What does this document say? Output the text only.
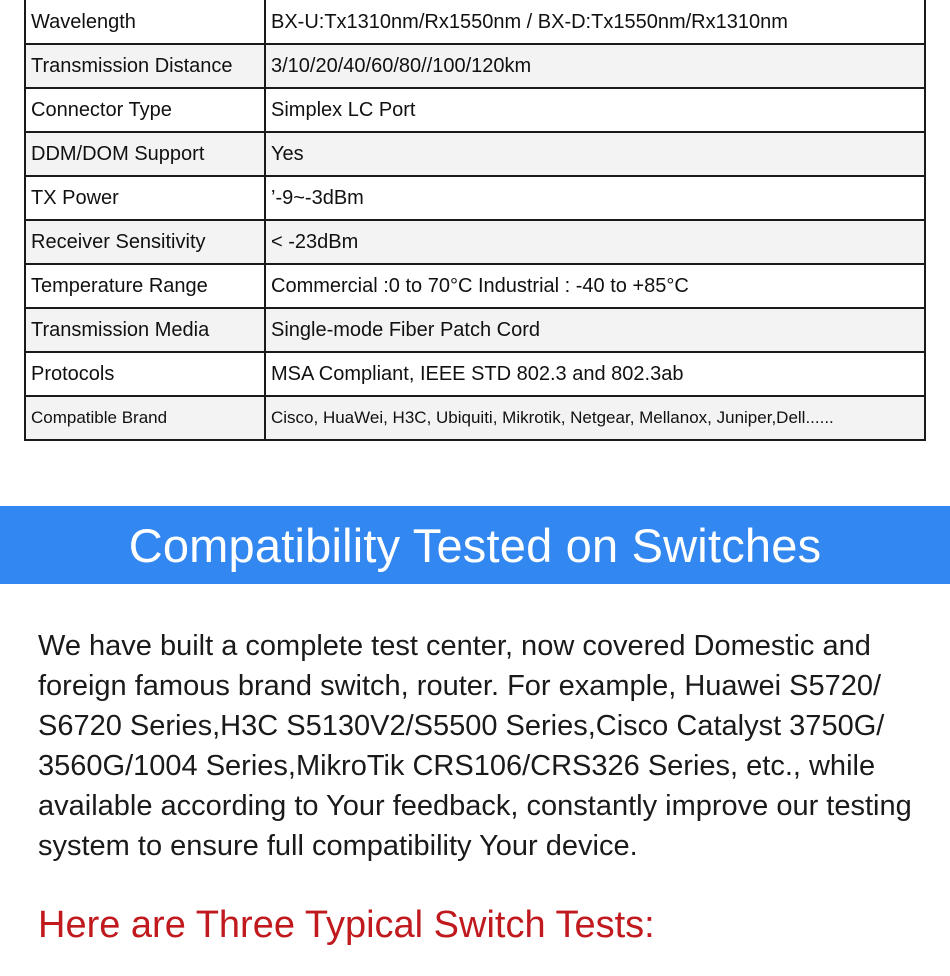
Wavelength	BX-U:Tx1310nm/Rx1550nm / BX-D:Tx1550nm/Rx1310nm
Transmission Distance	3/10/20/40/60/80//100/120km
Connector Type	Simplex LC Port
DDM/DOM Support	Yes
TX Power	’-9~-3dBm
Receiver Sensitivity	< -23dBm
Temperature Range	Commercial :0 to 70°C Industrial : -40 to +85°C
Transmission Media	Single-mode Fiber Patch Cord
Protocols	MSA Compliant, IEEE STD 802.3 and 802.3ab
Compatible Brand	Cisco, HuaWei, H3C, Ubiquiti, Mikrotik, Netgear, Mellanox, Juniper,Dell......
Compatibility Tested on Switches

We have built a complete test center, now covered Domestic and foreign famous brand switch, router. For example, Huawei S5720/ S6720 Series,H3C S5130V2/S5500 Series,Cisco Catalyst 3750G/ 3560G/1004 Series,MikroTik CRS106/CRS326 Series, etc., while available according to Your feedback, constantly improve our testing system to ensure full compatibility Your device.

Here are Three Typical Switch Tests:
